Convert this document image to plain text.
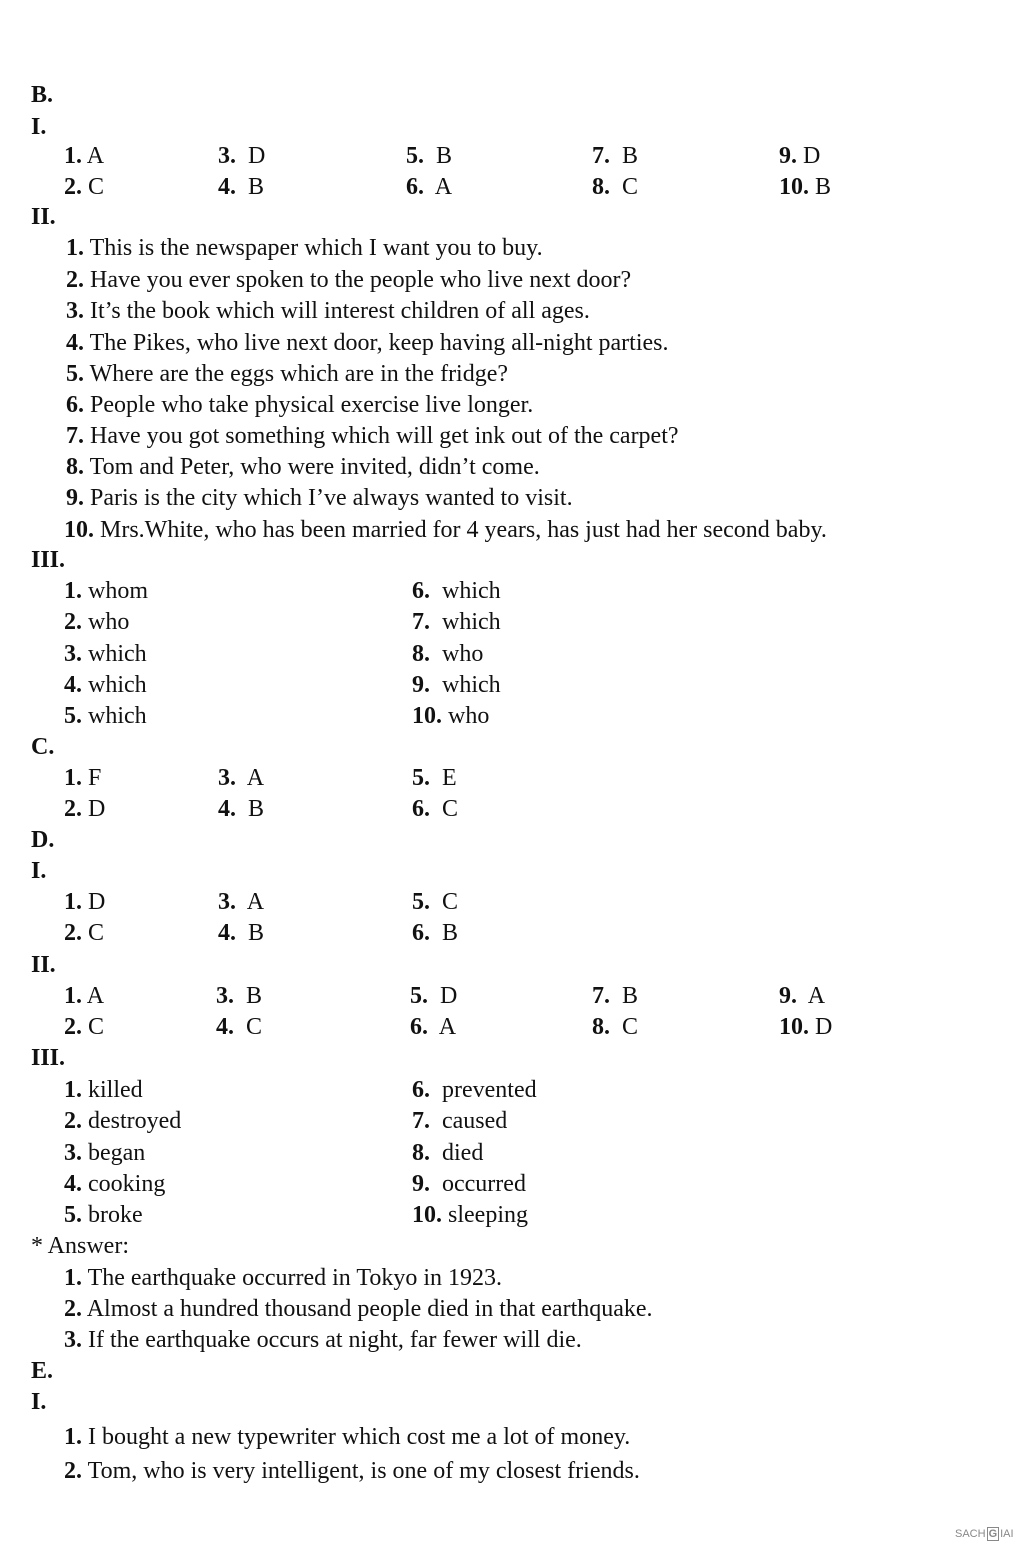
B.
I.
1. A
2. C
3. D
4. B
5. B
6. A
7. B
8. C
9. D
10. B
II.
1. This is the newspaper which I want you to buy.
2. Have you ever spoken to the people who live next door?
3. It’s the book which will interest children of all ages.
4. The Pikes, who live next door, keep having all-night parties.
5. Where are the eggs which are in the fridge?
6. People who take physical exercise live longer.
7. Have you got something which will get ink out of the carpet?
8. Tom and Peter, who were invited, didn’t come.
9. Paris is the city which I’ve always wanted to visit.
10. Mrs.White, who has been married for 4 years, has just had her second baby.
III.
1. whom
2. who
3. which
4. which
5. which
6. which
7. which
8. who
9. which
10. who
C.
1. F
2. D
3. A
4. B
5. E
6. C
D.
I.
1. D
2. C
3. A
4. B
5. C
6. B
II.
1. A
2. C
3. B
4. C
5. D
6. A
7. B
8. C
9. A
10. D
III.
1. killed
2. destroyed
3. began
4. cooking
5. broke
6. prevented
7. caused
8. died
9. occurred
10. sleeping
* Answer:
1. The earthquake occurred in Tokyo in 1923.
2. Almost a hundred thousand people died in that earthquake.
3. If the earthquake occurs at night, far fewer will die.
E.
I.
1. I bought a new typewriter which cost me a lot of money.
2. Tom, who is very intelligent, is one of my closest friends.
SACH G IAI
